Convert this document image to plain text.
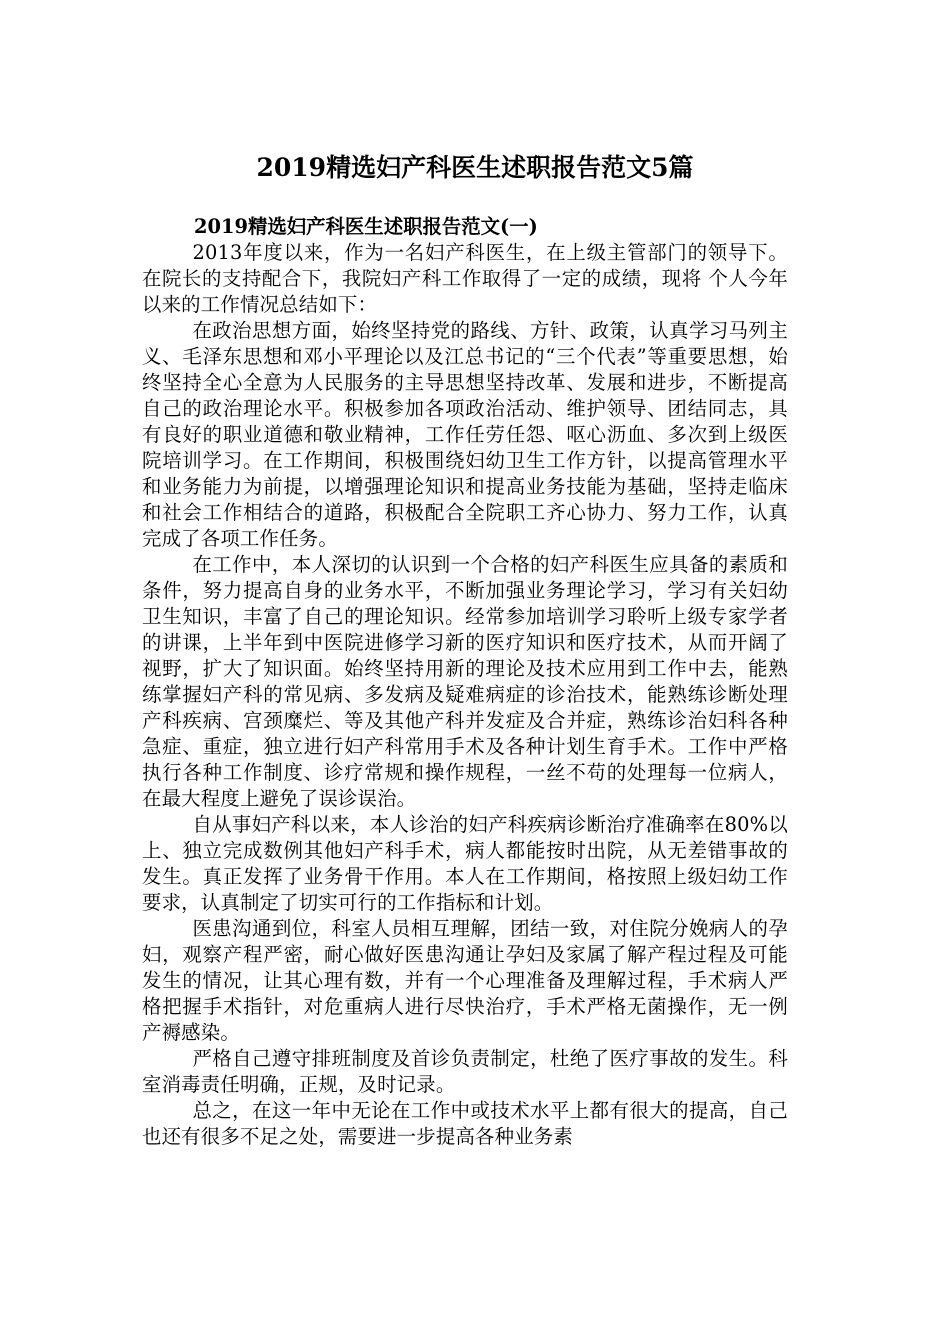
2019精选妇产科医生述职报告范文5篇

2019精选妇产科医生述职报告范文(一)

2013年度以来，作为一名妇产科医生，在上级主管部门的领导下。在院长的支持配合下，我院妇产科工作取得了一定的成绩，现将 个人今年以来的工作情况总结如下：

在政治思想方面，始终坚持党的路线、方针、政策，认真学习马列主义、毛泽东思想和邓小平理论以及江总书记的“三个代表”等重要思想，始终坚持全心全意为人民服务的主导思想坚持改革、发展和进步，不断提高自己的政治理论水平。积极参加各项政治活动、维护领导、团结同志，具有良好的职业道德和敬业精神，工作任劳任怨、呕心沥血、多次到上级医院培训学习。在工作期间，积极围绕妇幼卫生工作方针，以提高管理水平和业务能力为前提，以增强理论知识和提高业务技能为基础，坚持走临床和社会工作相结合的道路，积极配合全院职工齐心协力、努力工作，认真完成了各项工作任务。

在工作中，本人深切的认识到一个合格的妇产科医生应具备的素质和条件，努力提高自身的业务水平，不断加强业务理论学习，学习有关妇幼卫生知识，丰富了自己的理论知识。经常参加培训学习聆听上级专家学者的讲课，上半年到中医院进修学习新的医疗知识和医疗技术，从而开阔了视野，扩大了知识面。始终坚持用新的理论及技术应用到工作中去，能熟练掌握妇产科的常见病、多发病及疑难病症的诊治技术，能熟练诊断处理产科疾病、宫颈糜烂、等及其他产科并发症及合并症，熟练诊治妇科各种急症、重症，独立进行妇产科常用手术及各种计划生育手术。工作中严格执行各种工作制度、诊疗常规和操作规程，一丝不苟的处理每一位病人，在最大程度上避免了误诊误治。

自从事妇产科以来，本人诊治的妇产科疾病诊断治疗准确率在80%以上、独立完成数例其他妇产科手术，病人都能按时出院，从无差错事故的发生。真正发挥了业务骨干作用。本人在工作期间，格按照上级妇幼工作要求，认真制定了切实可行的工作指标和计划。

医患沟通到位，科室人员相互理解，团结一致，对住院分娩病人的孕妇，观察产程严密，耐心做好医患沟通让孕妇及家属了解产程过程及可能发生的情况，让其心理有数，并有一个心理准备及理解过程，手术病人严格把握手术指针，对危重病人进行尽快治疗，手术严格无菌操作，无一例产褥感染。

严格自己遵守排班制度及首诊负责制定，杜绝了医疗事故的发生。科室消毒责任明确，正规，及时记录。

总之，在这一年中无论在工作中或技术水平上都有很大的提高，自己也还有很多不足之处，需要进一步提高各种业务素
